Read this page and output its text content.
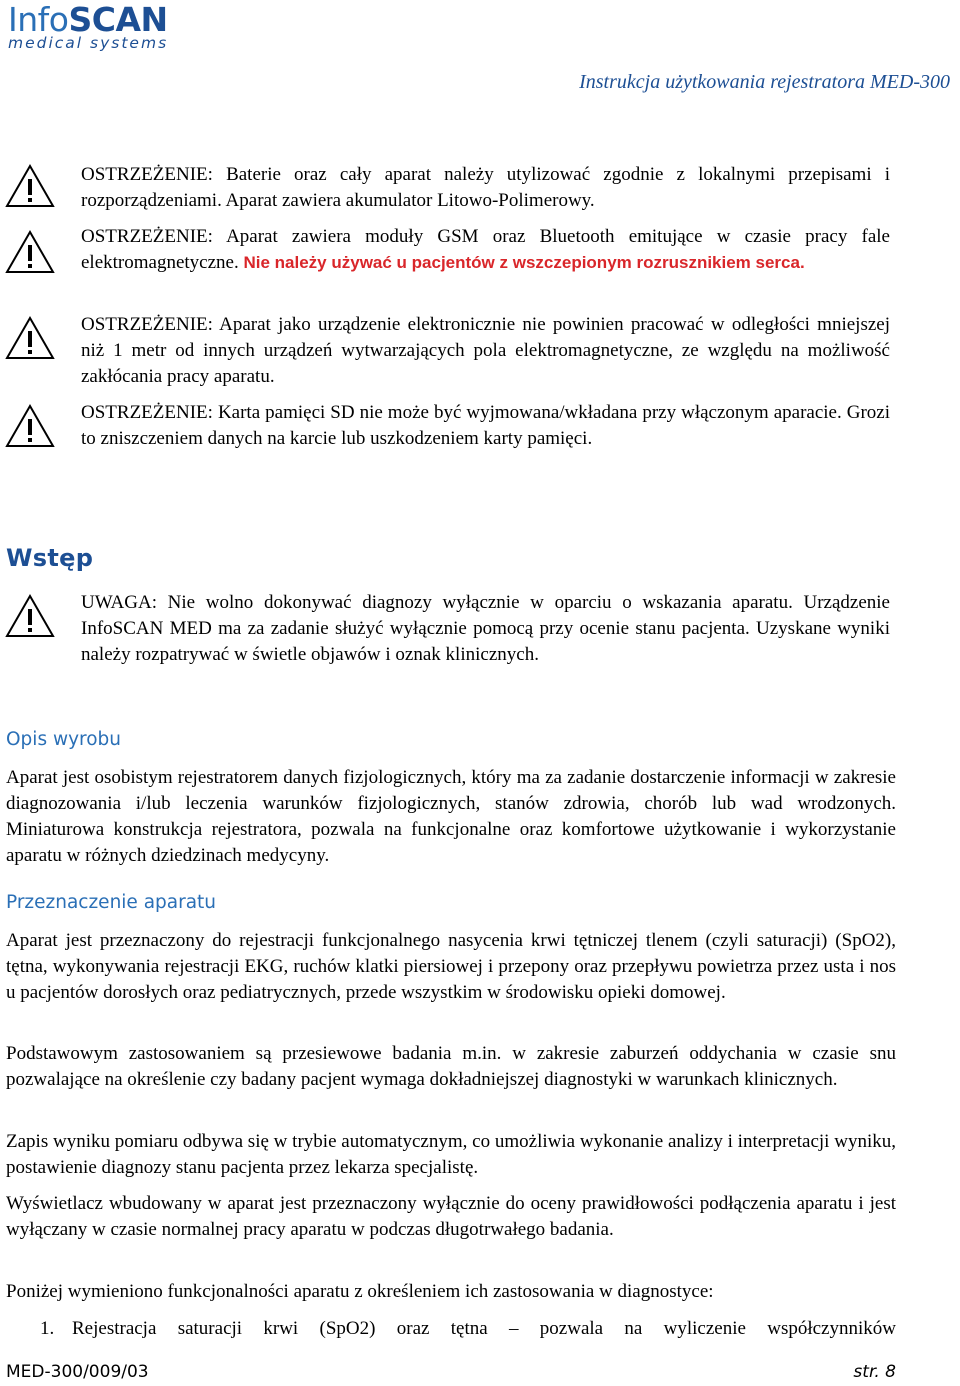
InfoSCAN
medical systems
Instrukcja użytkowania rejestratora MED-300
OSTRZEŻENIE: Baterie oraz cały aparat należy utylizować zgodnie z lokalnymi przepisami i rozporządzeniami. Aparat zawiera akumulator Litowo-Polimerowy.
OSTRZEŻENIE: Aparat zawiera moduły GSM oraz Bluetooth emitujące w czasie pracy fale elektromagnetyczne. Nie należy używać u pacjentów z wszczepionym rozrusznikiem serca.
OSTRZEŻENIE: Aparat jako urządzenie elektronicznie nie powinien pracować w odległości mniejszej niż 1 metr od innych urządzeń wytwarzających pola elektromagnetyczne, ze względu na możliwość zakłócania pracy aparatu.
OSTRZEŻENIE: Karta pamięci SD nie może być wyjmowana/wkładana przy włączonym aparacie. Grozi to zniszczeniem danych na karcie lub uszkodzeniem karty pamięci.
Wstęp
UWAGA: Nie wolno dokonywać diagnozy wyłącznie w oparciu o wskazania aparatu. Urządzenie InfoSCAN MED ma za zadanie służyć wyłącznie pomocą przy ocenie stanu pacjenta. Uzyskane wyniki należy rozpatrywać w świetle objawów i oznak klinicznych.
Opis wyrobu
Aparat jest osobistym rejestratorem danych fizjologicznych, który ma za zadanie dostarczenie informacji w zakresie diagnozowania i/lub leczenia warunków fizjologicznych, stanów zdrowia, chorób lub wad wrodzonych. Miniaturowa konstrukcja rejestratora, pozwala na funkcjonalne oraz komfortowe użytkowanie i wykorzystanie aparatu w różnych dziedzinach medycyny.
Przeznaczenie aparatu
Aparat jest przeznaczony do rejestracji funkcjonalnego nasycenia krwi tętniczej tlenem (czyli saturacji) (SpO2), tętna, wykonywania rejestracji EKG, ruchów klatki piersiowej i przepony oraz przepływu powietrza przez usta i nos u pacjentów dorosłych oraz pediatrycznych, przede wszystkim w środowisku opieki domowej.
Podstawowym zastosowaniem są przesiewowe badania m.in. w zakresie zaburzeń oddychania w czasie snu pozwalające na określenie czy badany pacjent wymaga dokładniejszej diagnostyki w warunkach klinicznych.
Zapis wyniku pomiaru odbywa się w trybie automatycznym, co umożliwia wykonanie analizy i interpretacji wyniku, postawienie diagnozy stanu pacjenta przez lekarza specjalistę.
Wyświetlacz wbudowany w aparat jest przeznaczony wyłącznie do oceny prawidłowości podłączenia aparatu i jest wyłączany w czasie normalnej pracy aparatu w podczas długotrwałego badania.
Poniżej wymieniono funkcjonalności aparatu z określeniem ich zastosowania w diagnostyce:
1. Rejestracja saturacji krwi (SpO2) oraz tętna – pozwala na wyliczenie współczynników
MED-300/009/03	str. 8
